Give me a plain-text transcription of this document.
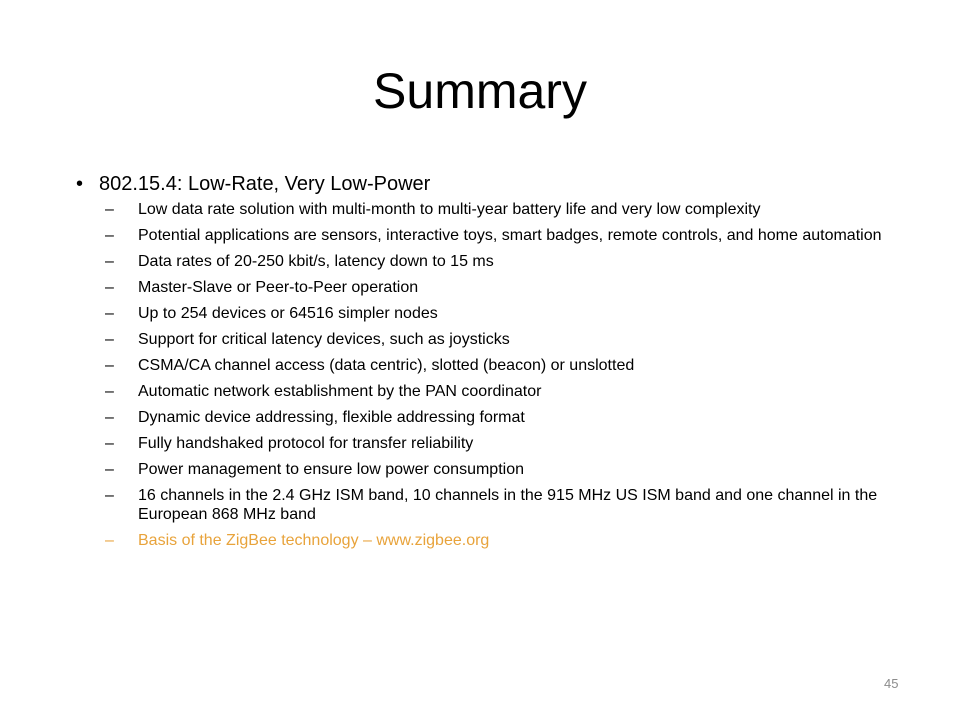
Summary
• 802.15.4: Low-Rate, Very Low-Power
– Low data rate solution with multi-month to multi-year battery life and very low complexity
– Potential applications are sensors, interactive toys, smart badges, remote controls, and home automation
– Data rates of 20-250 kbit/s, latency down to 15 ms
– Master-Slave or Peer-to-Peer operation
– Up to 254 devices or 64516 simpler nodes
– Support for critical latency devices, such as joysticks
– CSMA/CA channel access (data centric), slotted (beacon) or unslotted
– Automatic network establishment by the PAN coordinator
– Dynamic device addressing, flexible addressing format
– Fully handshaked protocol for transfer reliability
– Power management to ensure low power consumption
– 16 channels in the 2.4 GHz ISM band, 10 channels in the 915 MHz US ISM band and one channel in the European 868 MHz band
– Basis of the ZigBee technology – www.zigbee.org
45
